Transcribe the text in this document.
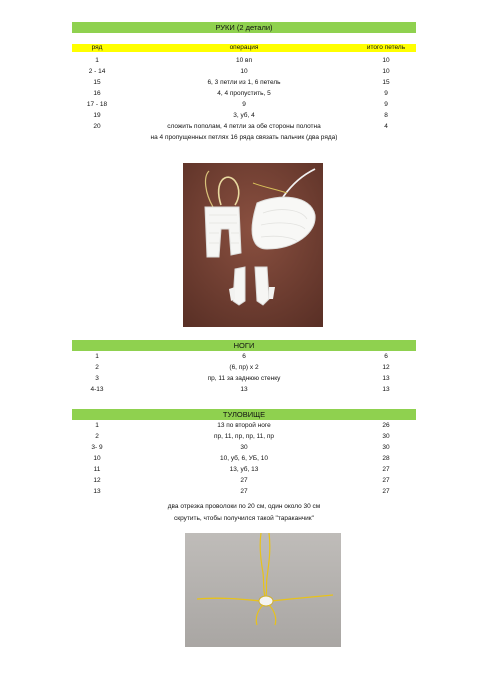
РУКИ (2 детали)
ряд	операция	итого петель
1	10 вп	10
2 - 14	10	10
15	6, 3 петли из 1, 6 петель	15
16	4, 4 пропустить, 5	9
17 - 18	9	9
19	3, уб, 4	8
20	сложить пополам, 4 петли за обе стороны полотна	4
на 4 пропущенных петлях 16 ряда связать пальчик (два ряда)
НОГИ
1	6	6
2	(6, пр) х 2	12
3	пр, 11 за заднюю стенку	13
4-13	13	13
ТУЛОВИЩЕ
1	13 по второй ноге	26
2	пр, 11, пр, пр, 11, пр	30
3- 9	30	30
10	10, уб, 6, УБ, 10	28
11	13, уб, 13	27
12	27	27
13	27	27
два отрезка проволоки по 20 см, один около 30 см
скрутить, чтобы получился такой "тараканчик"
